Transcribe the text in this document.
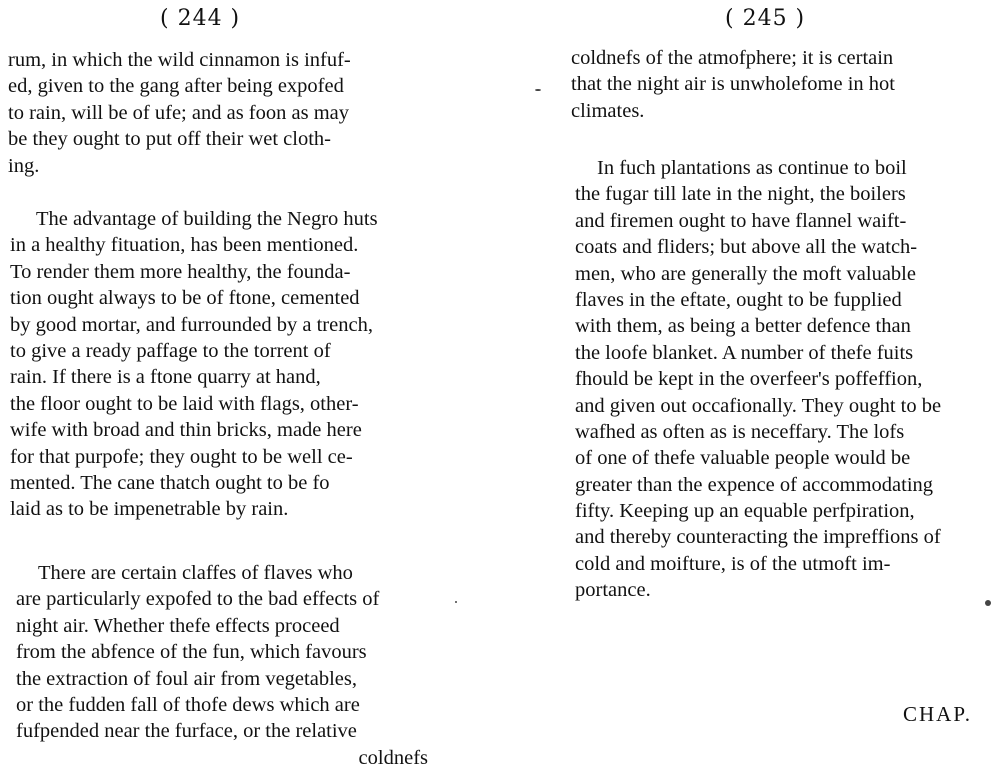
( 244 )
rum, in which the wild cinnamon is infuf-
ed, given to the gang after being expofed
to rain, will be of ufe; and as foon as may
be they ought to put off their wet cloth-
ing.
The advantage of building the Negro huts
in a healthy fituation, has been mentioned.
To render them more healthy, the founda-
tion ought always to be of ftone, cemented
by good mortar, and furrounded by a trench,
to give a ready paffage to the torrent of
rain. If there is a ftone quarry at hand,
the floor ought to be laid with flags, other-
wife with broad and thin bricks, made here
for that purpofe; they ought to be well ce-
mented. The cane thatch ought to be fo
laid as to be impenetrable by rain.
There are certain claffes of flaves who
are particularly expofed to the bad effects of
night air. Whether thefe effects proceed
from the abfence of the fun, which favours
the extraction of foul air from vegetables,
or the fudden fall of thofe dews which are
fufpended near the furface, or the relative
coldnefs
( 245 )
coldnefs of the atmofphere; it is certain
that the night air is unwholefome in hot
climates.
In fuch plantations as continue to boil
the fugar till late in the night, the boilers
and firemen ought to have flannel waift-
coats and fliders; but above all the watch-
men, who are generally the moft valuable
flaves in the eftate, ought to be fupplied
with them, as being a better defence than
the loofe blanket. A number of thefe fuits
fhould be kept in the overfeer's poffeffion,
and given out occafionally. They ought to be
wafhed as often as is neceffary. The lofs
of one of thefe valuable people would be
greater than the expence of accommodating
fifty. Keeping up an equable perfpiration,
and thereby counteracting the impreffions of
cold and moifture, is of the utmoft im-
portance.
CHAP.
